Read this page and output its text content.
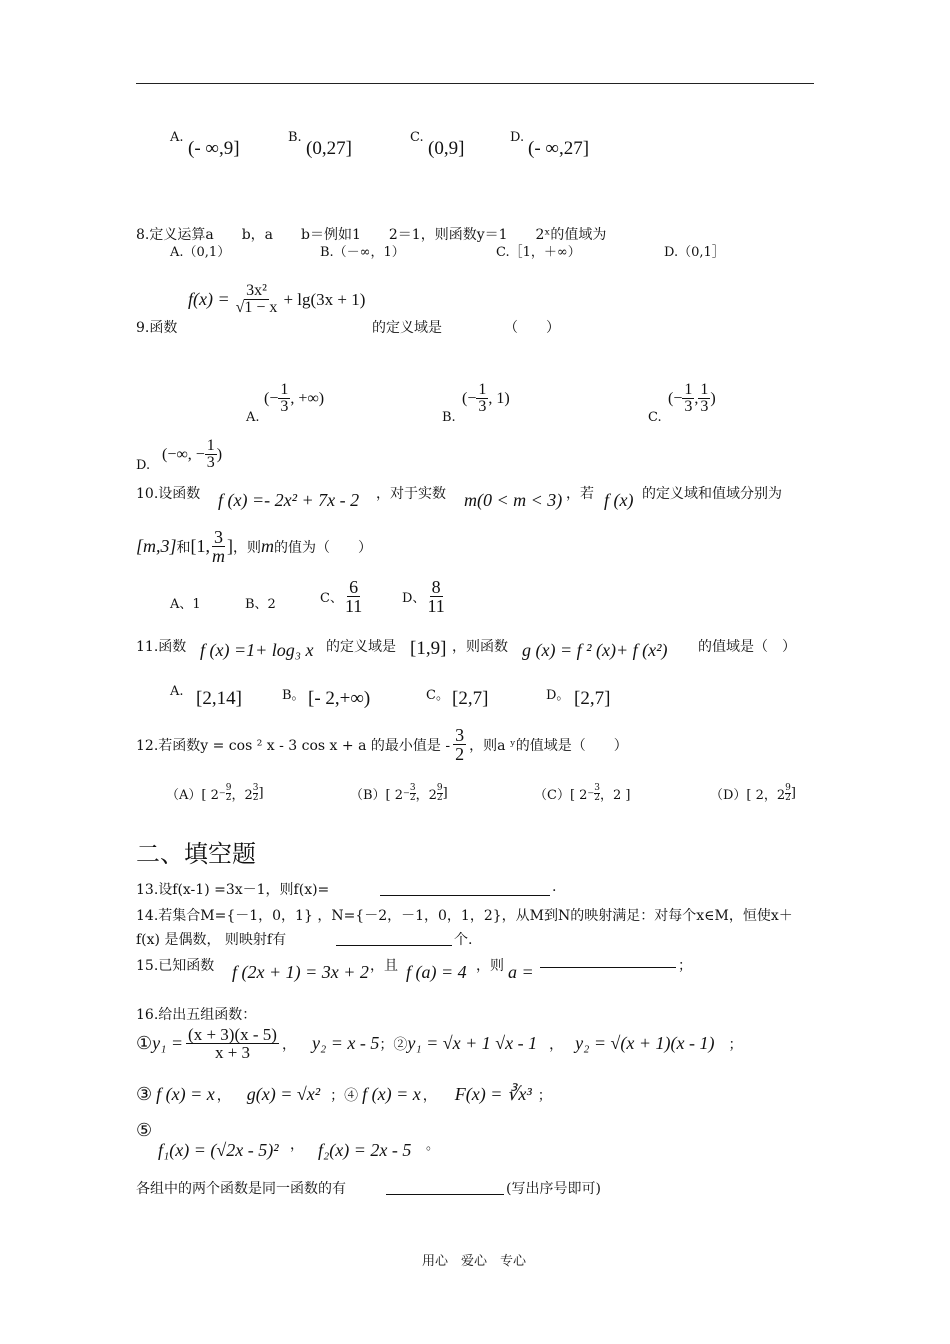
A.
(- ∞,9]
B.
(0,27]
C.
(0,9]
D.
(- ∞,27]
8.定义运算a　　b，a　　b＝例如1　　2＝1，则函数y＝1　　2ˣ的值域为
A.（0,1）	B.（－∞，1）	C.［1，＋∞）	D.（0,1］
9.函数
$f(x) = \frac{\text{3x²}}{√1 - x} + \lg(3x + 1)$
的定义域是	（　　）
A.
(− $\frac{1}{3}$ , +∞)
B.
(− $\frac{1}{3}$ , 1)
C.
(− $\frac{1}{3}$ , $\frac{1}{3}$ )
D.
(−∞, − $\frac{1}{3}$ )
10.设函数 f (x) =- 2x² + 7x - 2 ，对于实数 m(0 < m < 3) ，若 f (x) 的定义域和值域分别为
[m,3] 和 [1, $\frac{3}{m}$ ] ，则 m 的值为（　　）
A、1	B、2	C、 $\frac{6}{11}$	D、 $\frac{8}{11}$
11.函数 f (x) =1+ log₃ x 的定义域是 [1,9] ，则函数 g (x) = f ² (x)+ f (x²) 的值域是（　）
A. [2,14]	B。 [- 2,+∞)	C。 [2,7]	D。 [2,7]
12.若函数y = cos ² x - 3 cos x + a 的最小值是 - $\frac{3}{2}$ ，则a ʸ的值域是（　　）
（A）[ 2⁻ 9
2 ，2 3
2 ]	（B）[ 2⁻ 3
2 ，2 9
2 ]	（C）[ 2⁻ 3
2 ，2 ]	（D）[ 2，2 9
2 ]
二、填空题
13.设f(x-1) =3x－1，则f(x)=	.
14.若集合M={－1，0，1} ，N={－2，－1，0，1，2}，从M到N的映射满足：对每个x∈M，恒使x＋
f(x) 是偶数， 则映射f有	个.
15.已知函数 f (2x + 1) = 3x + 2 ，且 f (a) = 4 ，则 a =	；
16.给出五组函数：
① $y_1 = \frac{(x + 3)(x - 5)}{x + 3}$ ， y₂ = x - 5 ；② y₁ = √x + 1 √x - 1 ， y₂ = √(x + 1)(x - 1) ；
③ f (x) = x ， g(x) = √x² ；④ f (x) = x ， F(x) = ∛x³ ；
⑤
f₁(x) = (√2x - 5)² ， f₂(x) = 2x - 5 。
各组中的两个函数是同一函数的有	(写出序号即可)
用心　爱心　专心
